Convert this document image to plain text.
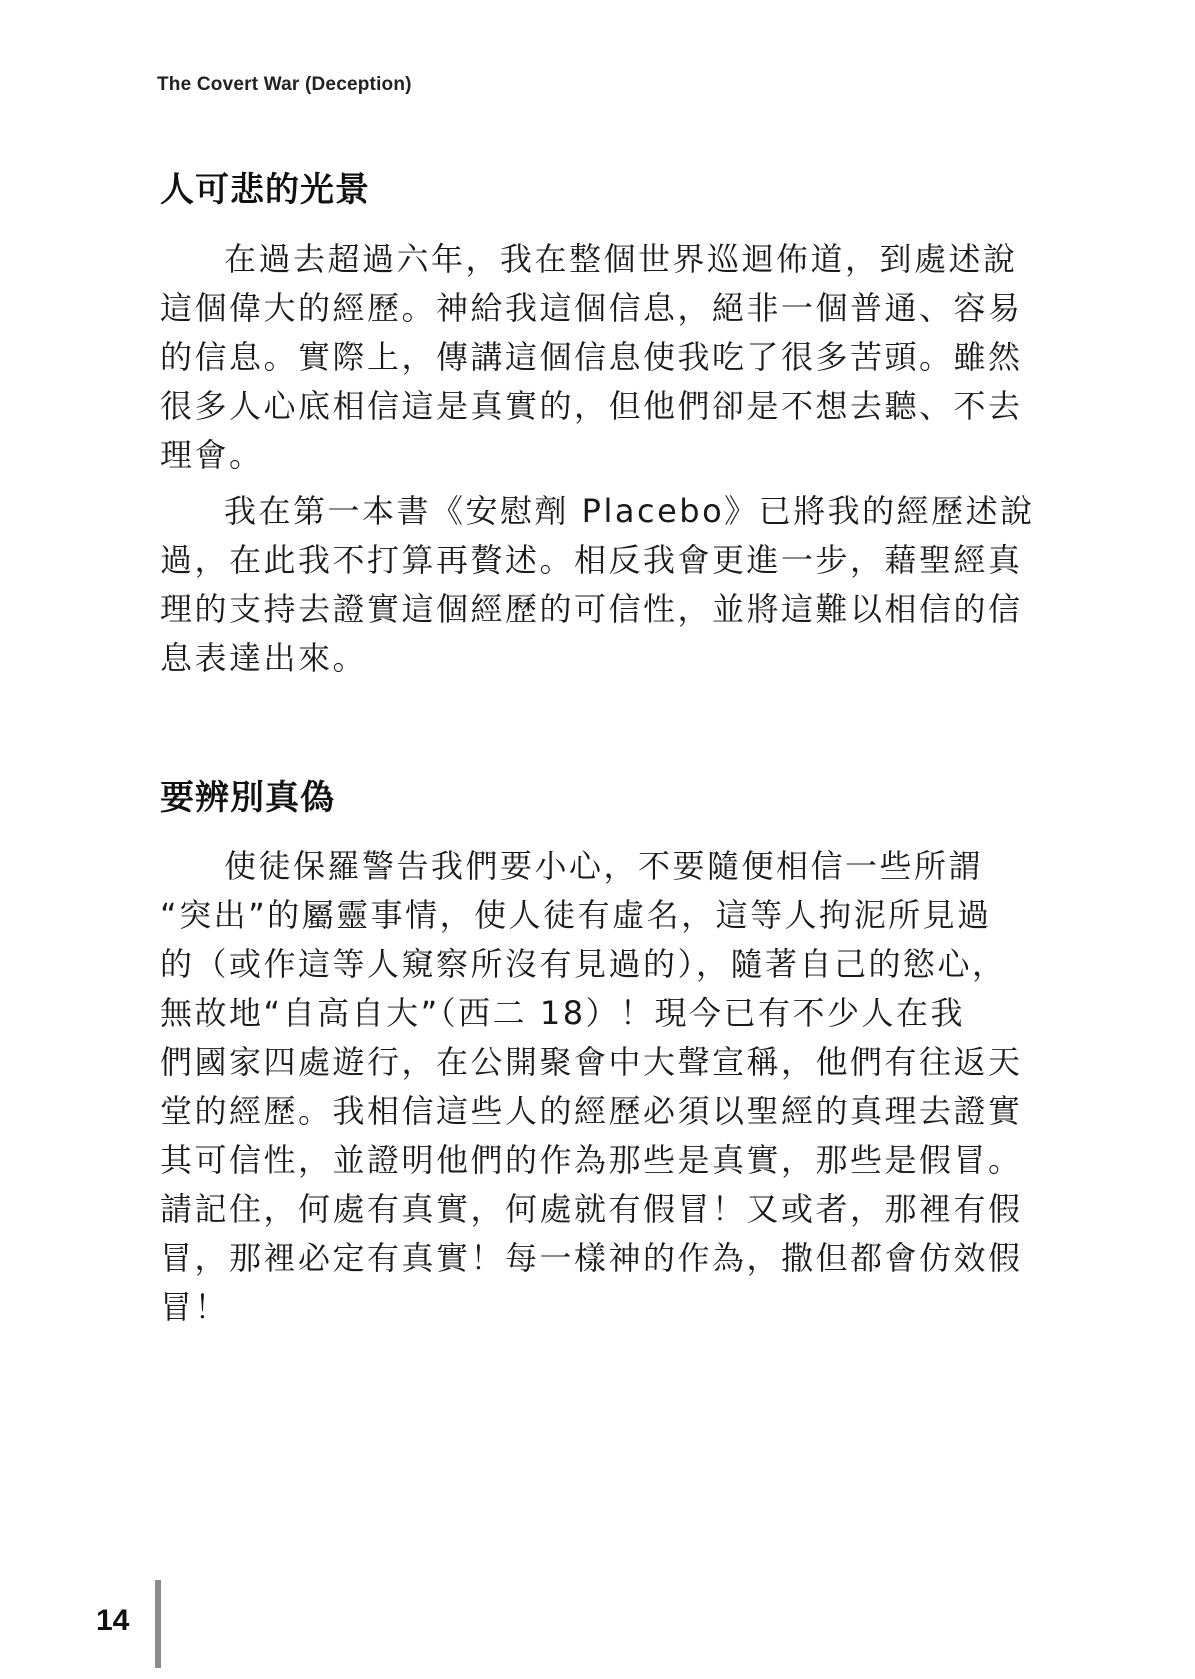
The Covert War (Deception)
人可悲的光景

在過去超過六年，我在整個世界巡迴佈道，到處述說
這個偉大的經歷。神給我這個信息，絕非一個普通、容易
的信息。實際上，傳講這個信息使我吃了很多苦頭。雖然
很多人心底相信這是真實的，但他們卻是不想去聽、不去
理會。

我在第一本書《安慰劑 Placebo》已將我的經歷述說
過，在此我不打算再贅述。相反我會更進一步，藉聖經真
理的支持去證實這個經歷的可信性，並將這難以相信的信
息表達出來。

要辨別真偽

使徒保羅警告我們要小心，不要隨便相信一些所謂
“突出”的屬靈事情，使人徒有虛名，這等人拘泥所見過
的（或作這等人窺察所沒有見過的），隨著自己的慾心，
無故地“自高自大”（西二 18）！現今已有不少人在我
們國家四處遊行，在公開聚會中大聲宣稱，他們有往返天
堂的經歷。我相信這些人的經歷必須以聖經的真理去證實
其可信性，並證明他們的作為那些是真實，那些是假冒。
請記住，何處有真實，何處就有假冒！又或者，那裡有假
冒，那裡必定有真實！每一樣神的作為，撒但都會仿效假
冒！

14
